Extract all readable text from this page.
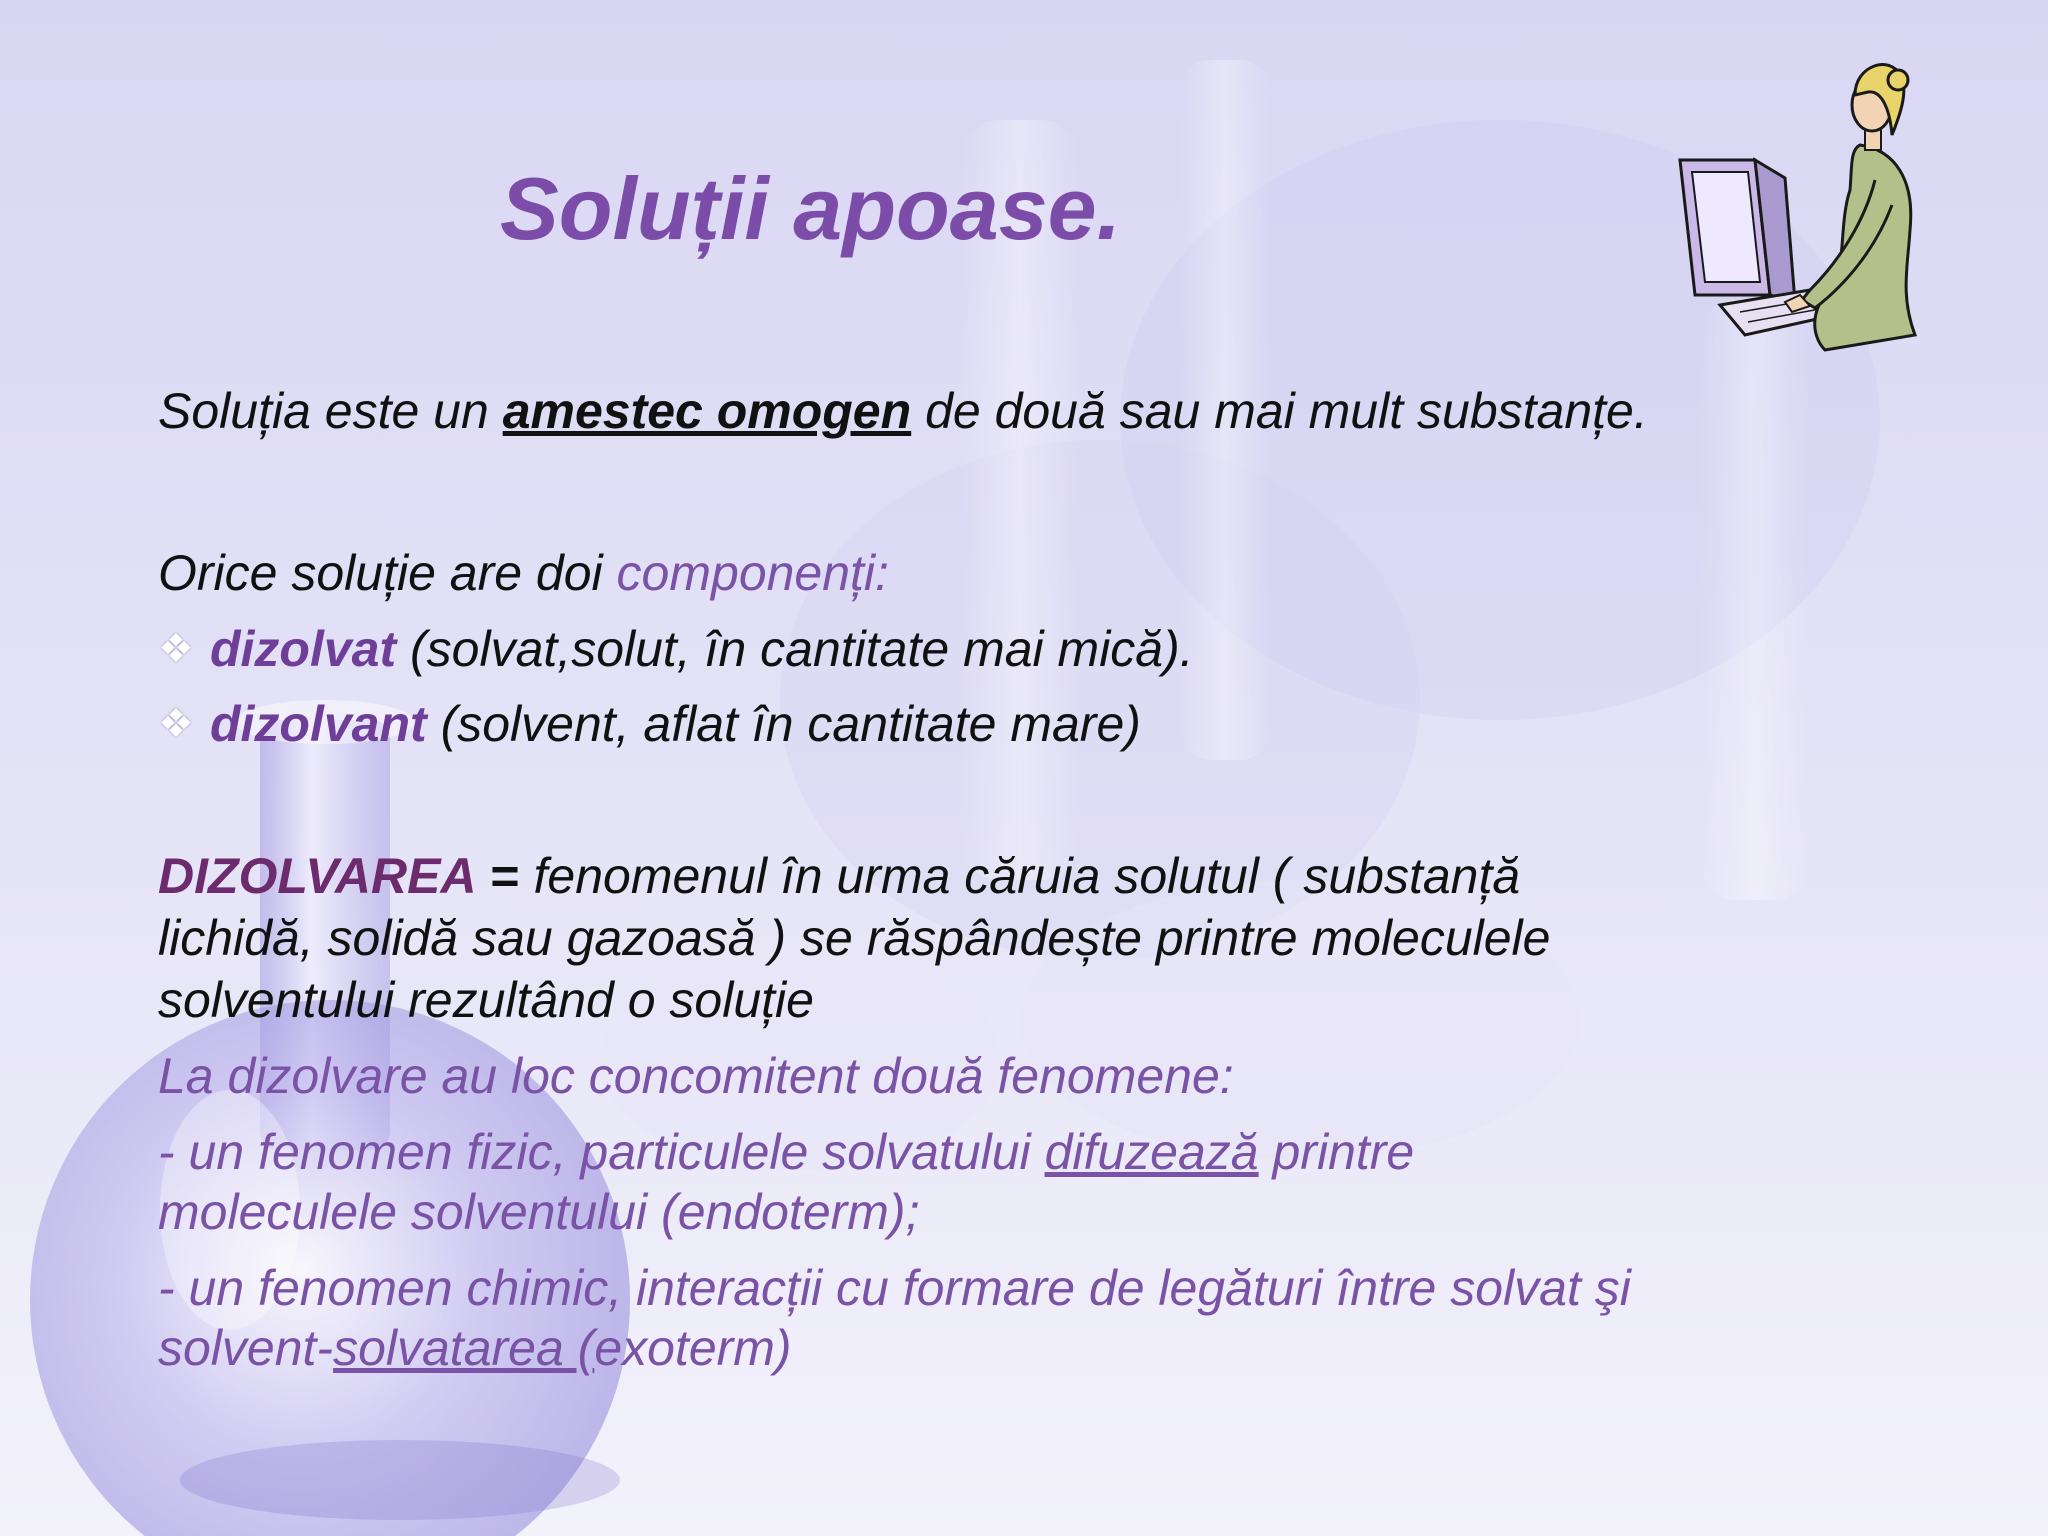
Soluții apoase.

Soluția este un amestec omogen de două sau mai mult substanțe.

Orice soluție are doi componenți:

❖ dizolvat (solvat,solut, în cantitate mai mică).

❖ dizolvant (solvent, aflat în cantitate mare)

DIZOLVAREA = fenomenul în urma căruia solutul ( substanță

lichidă, solidă sau gazoasă ) se răspândește printre moleculele

solventului rezultând o soluție

La dizolvare au loc concomitent două fenomene:

- un fenomen fizic, particulele solvatului difuzează printre

moleculele solventului (endoterm);

- un fenomen chimic, interacții cu formare de legături între solvat şi

solvent-solvatarea (exoterm)
